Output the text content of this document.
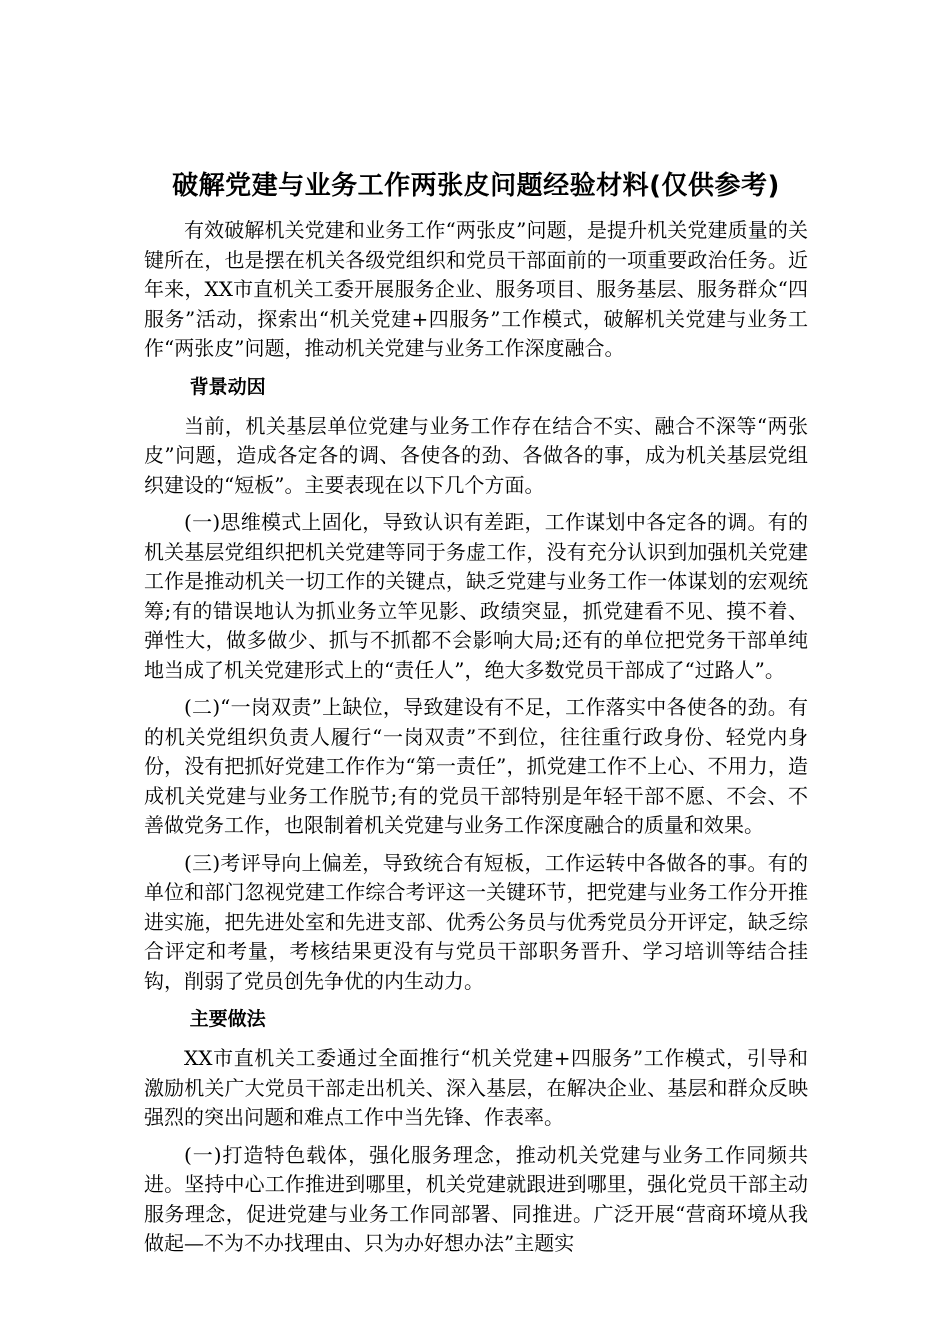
破解党建与业务工作两张皮问题经验材料(仅供参考)

有效破解机关党建和业务工作“两张皮”问题，是提升机关党建质量的关键所在，也是摆在机关各级党组织和党员干部面前的一项重要政治任务。近年来，XX市直机关工委开展服务企业、服务项目、服务基层、服务群众“四服务”活动，探索出“机关党建+四服务”工作模式，破解机关党建与业务工作“两张皮”问题，推动机关党建与业务工作深度融合。

背景动因

当前，机关基层单位党建与业务工作存在结合不实、融合不深等“两张皮”问题，造成各定各的调、各使各的劲、各做各的事，成为机关基层党组织建设的“短板”。主要表现在以下几个方面。

(一)思维模式上固化，导致认识有差距，工作谋划中各定各的调。有的机关基层党组织把机关党建等同于务虚工作，没有充分认识到加强机关党建工作是推动机关一切工作的关键点，缺乏党建与业务工作一体谋划的宏观统筹;有的错误地认为抓业务立竿见影、政绩突显，抓党建看不见、摸不着、弹性大，做多做少、抓与不抓都不会影响大局;还有的单位把党务干部单纯地当成了机关党建形式上的“责任人”，绝大多数党员干部成了“过路人”。

(二)“一岗双责”上缺位，导致建设有不足，工作落实中各使各的劲。有的机关党组织负责人履行“一岗双责”不到位，往往重行政身份、轻党内身份，没有把抓好党建工作作为“第一责任”，抓党建工作不上心、不用力，造成机关党建与业务工作脱节;有的党员干部特别是年轻干部不愿、不会、不善做党务工作，也限制着机关党建与业务工作深度融合的质量和效果。

(三)考评导向上偏差，导致统合有短板，工作运转中各做各的事。有的单位和部门忽视党建工作综合考评这一关键环节，把党建与业务工作分开推进实施，把先进处室和先进支部、优秀公务员与优秀党员分开评定，缺乏综合评定和考量，考核结果更没有与党员干部职务晋升、学习培训等结合挂钩，削弱了党员创先争优的内生动力。

主要做法

XX市直机关工委通过全面推行“机关党建+四服务”工作模式，引导和激励机关广大党员干部走出机关、深入基层，在解决企业、基层和群众反映强烈的突出问题和难点工作中当先锋、作表率。

(一)打造特色载体，强化服务理念，推动机关党建与业务工作同频共进。坚持中心工作推进到哪里，机关党建就跟进到哪里，强化党员干部主动服务理念，促进党建与业务工作同部署、同推进。广泛开展“营商环境从我做起—不为不办找理由、只为办好想办法”主题实
